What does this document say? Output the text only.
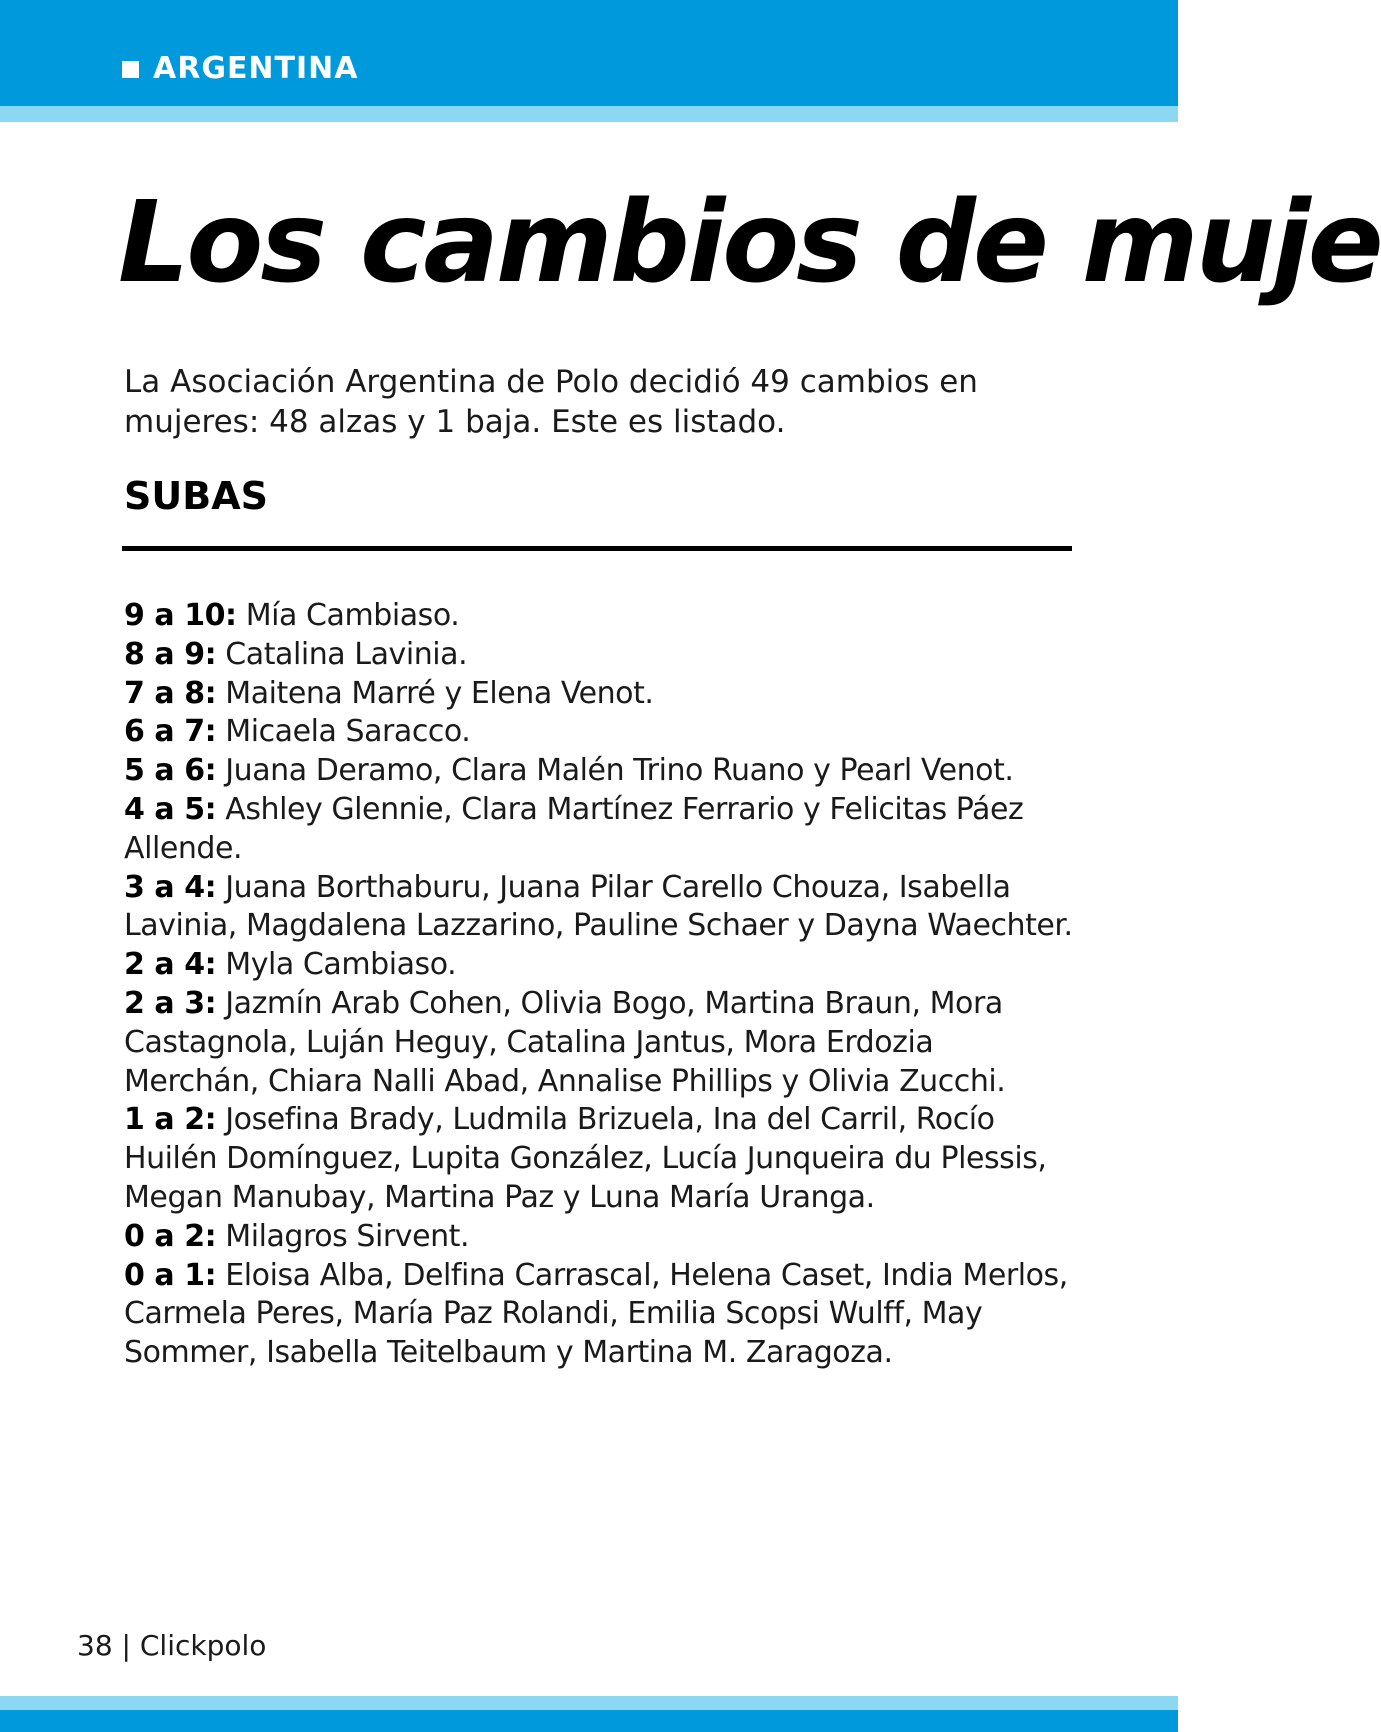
ARGENTINA
Los cambios de muje

La Asociación Argentina de Polo decidió 49 cambios en mujeres: 48 alzas y 1 baja. Este es listado.

SUBAS
9 a 10: Mía Cambiaso.
8 a 9: Catalina Lavinia.
7 a 8: Maitena Marré y Elena Venot.
6 a 7: Micaela Saracco.
5 a 6: Juana Deramo, Clara Malén Trino Ruano y Pearl Venot.
4 a 5: Ashley Glennie, Clara Martínez Ferrario y Felicitas Páez Allende.
3 a 4: Juana Borthaburu, Juana Pilar Carello Chouza, Isabella Lavinia, Magdalena Lazzarino, Pauline Schaer y Dayna Waechter.
2 a 4: Myla Cambiaso.
2 a 3: Jazmín Arab Cohen, Olivia Bogo, Martina Braun, Mora Castagnola, Luján Heguy, Catalina Jantus, Mora Erdozia Merchán, Chiara Nalli Abad, Annalise Phillips y Olivia Zucchi.
1 a 2: Josefina Brady, Ludmila Brizuela, Ina del Carril, Rocío Huilén Domínguez, Lupita González, Lucía Junqueira du Plessis, Megan Manubay, Martina Paz y Luna María Uranga.
0 a 2: Milagros Sirvent.
0 a 1: Eloisa Alba, Delfina Carrascal, Helena Caset, India Merlos, Carmela Peres, María Paz Rolandi, Emilia Scopsi Wulff, May Sommer, Isabella Teitelbaum y Martina M. Zaragoza.
38 | Clickpolo
